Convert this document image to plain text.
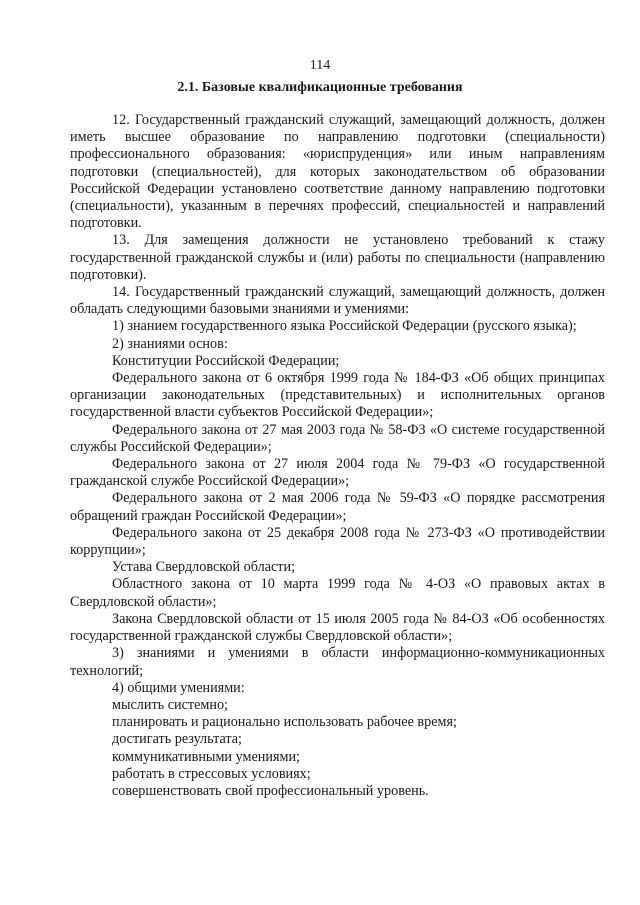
114
2.1. Базовые квалификационные требования

12. Государственный гражданский служащий, замещающий должность, должен иметь высшее образование по направлению подготовки (специальности) профессионального образования: «юриспруденция» или иным направлениям подготовки (специальностей), для которых законодательством об образовании Российской Федерации установлено соответствие данному направлению подготовки (специальности), указанным в перечнях профессий, специальностей и направлений подготовки.

13. Для замещения должности не установлено требований к стажу государственной гражданской службы и (или) работы по специальности (направлению подготовки).

14. Государственный гражданский служащий, замещающий должность, должен обладать следующими базовыми знаниями и умениями:

1) знанием государственного языка Российской Федерации (русского языка);

2) знаниями основ:

Конституции Российской Федерации;

Федерального закона от 6 октября 1999 года № 184-ФЗ «Об общих принципах организации законодательных (представительных) и исполнительных органов государственной власти субъектов Российской Федерации»;

Федерального закона от 27 мая 2003 года № 58-ФЗ «О системе государственной службы Российской Федерации»;

Федерального закона от 27 июля 2004 года № 79-ФЗ «О государственной гражданской службе Российской Федерации»;

Федерального закона от 2 мая 2006 года № 59-ФЗ «О порядке рассмотрения обращений граждан Российской Федерации»;

Федерального закона от 25 декабря 2008 года № 273-ФЗ «О противодействии коррупции»;

Устава Свердловской области;

Областного закона от 10 марта 1999 года № 4-ОЗ «О правовых актах в Свердловской области»;

Закона Свердловской области от 15 июля 2005 года № 84-ОЗ «Об особенностях государственной гражданской службы Свердловской области»;

3) знаниями и умениями в области информационно-коммуникационных технологий;

4) общими умениями:

мыслить системно;

планировать и рационально использовать рабочее время;

достигать результата;

коммуникативными умениями;

работать в стрессовых условиях;

совершенствовать свой профессиональный уровень.
